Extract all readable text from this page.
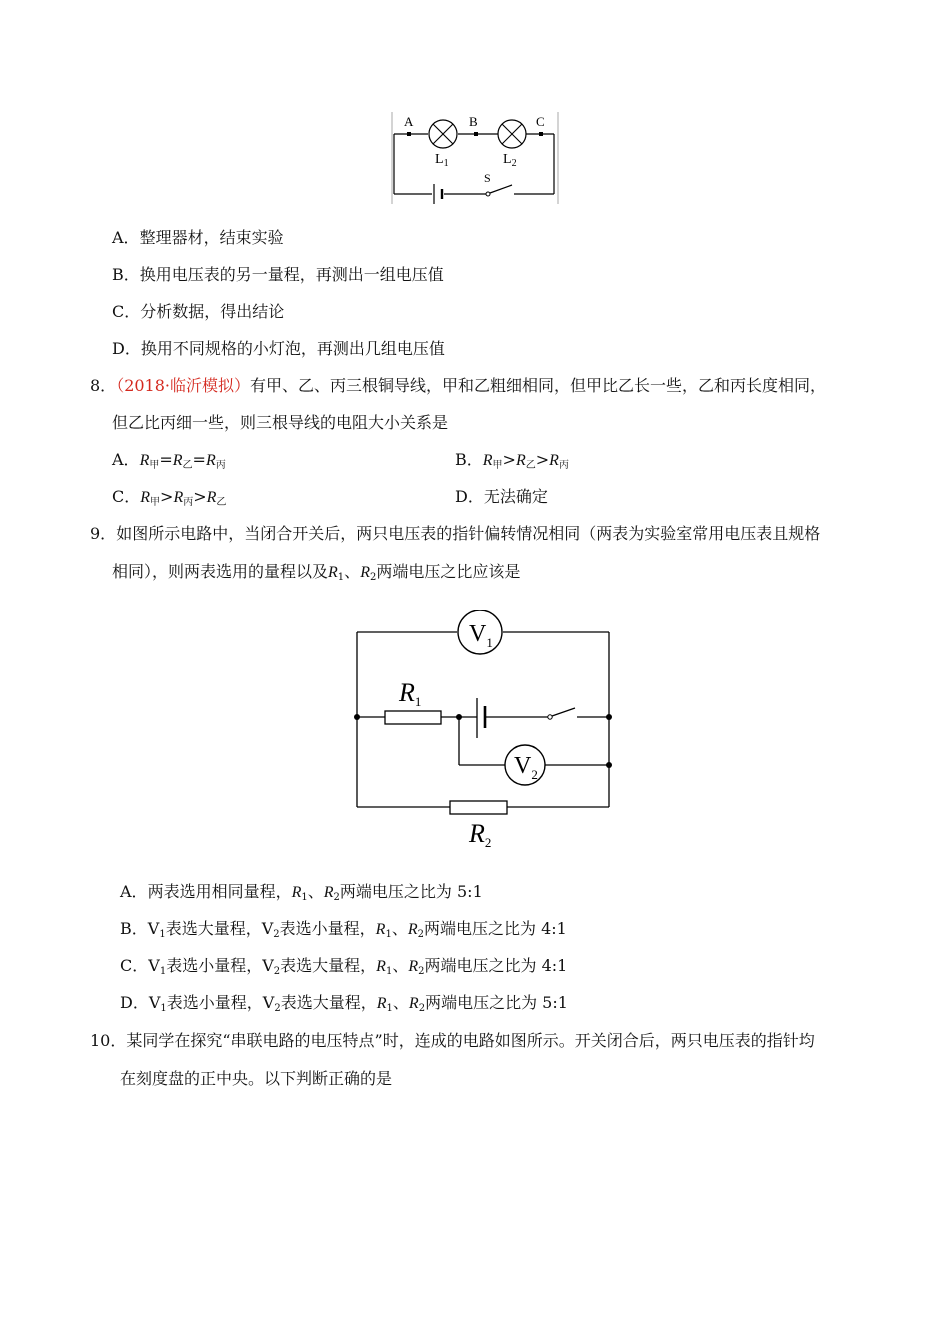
A	B	C
$L_1$	$L_2$
S
A．整理器材，结束实验
B．换用电压表的另一量程，再测出一组电压值
C．分析数据，得出结论
D．换用不同规格的小灯泡，再测出几组电压值
8．（2018·临沂模拟）有甲、乙、丙三根铜导线，甲和乙粗细相同，但甲比乙长一些，乙和丙长度相同，
但乙比丙细一些，则三根导线的电阻大小关系是
A．$R_甲=R_乙=R_丙$	B．$R_甲>R_乙>R_丙$
C．$R_甲>R_丙>R_乙$	D．无法确定
9．如图所示电路中，当闭合开关后，两只电压表的指针偏转情况相同（两表为实验室常用电压表且规格
相同），则两表选用的量程以及$R_1$、$R_2$两端电压之比应该是
$V_1$
$V_2$
R1
R2
A．两表选用相同量程，$R_1$、$R_2$两端电压之比为 5:1
B．$V_1$表选大量程，$V_2$表选小量程，$R_1$、$R_2$两端电压之比为 4:1
C．$V_1$表选小量程，$V_2$表选大量程，$R_1$、$R_2$两端电压之比为 4:1
D．$V_1$表选小量程，$V_2$表选大量程，$R_1$、$R_2$两端电压之比为 5:1
10．某同学在探究“串联电路的电压特点”时，连成的电路如图所示。开关闭合后，两只电压表的指针均
在刻度盘的正中央。以下判断正确的是
